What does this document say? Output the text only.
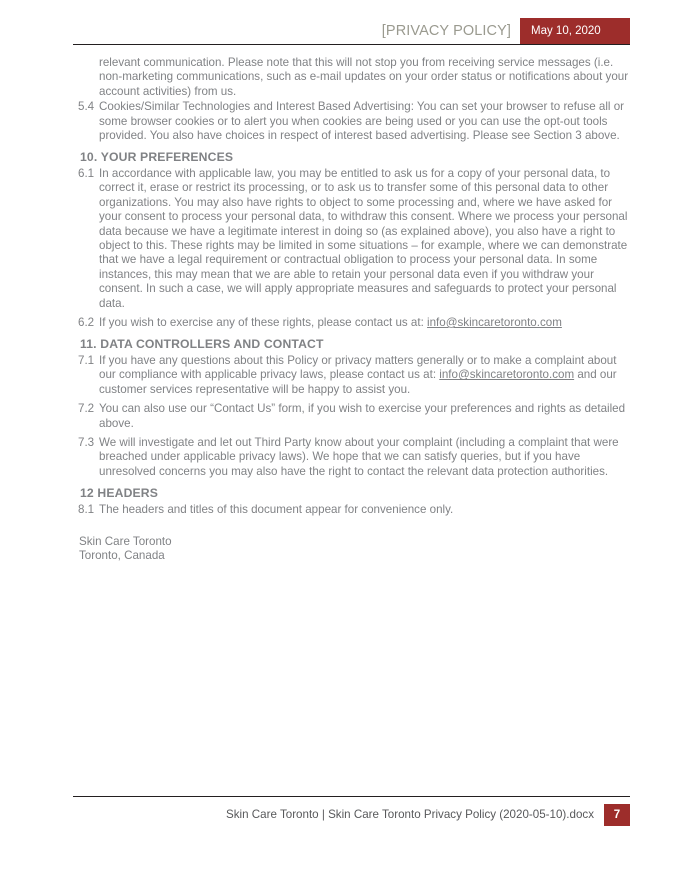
[PRIVACY POLICY]	May 10, 2020

relevant communication. Please note that this will not stop you from receiving service messages (i.e. non-marketing communications, such as e-mail updates on your order status or notifications about your account activities) from us.

5.4 Cookies/Similar Technologies and Interest Based Advertising: You can set your browser to refuse all or some browser cookies or to alert you when cookies are being used or you can use the opt-out tools provided. You also have choices in respect of interest based advertising. Please see Section 3 above.

10. YOUR PREFERENCES

6.1 In accordance with applicable law, you may be entitled to ask us for a copy of your personal data, to correct it, erase or restrict its processing, or to ask us to transfer some of this personal data to other organizations. You may also have rights to object to some processing and, where we have asked for your consent to process your personal data, to withdraw this consent. Where we process your personal data because we have a legitimate interest in doing so (as explained above), you also have a right to object to this. These rights may be limited in some situations – for example, where we can demonstrate that we have a legal requirement or contractual obligation to process your personal data. In some instances, this may mean that we are able to retain your personal data even if you withdraw your consent. In such a case, we will apply appropriate measures and safeguards to protect your personal data.

6.2 If you wish to exercise any of these rights, please contact us at: info@skincaretoronto.com

11. DATA CONTROLLERS AND CONTACT

7.1 If you have any questions about this Policy or privacy matters generally or to make a complaint about our compliance with applicable privacy laws, please contact us at: info@skincaretoronto.com and our customer services representative will be happy to assist you.

7.2 You can also use our “Contact Us” form, if you wish to exercise your preferences and rights as detailed above.

7.3 We will investigate and let out Third Party know about your complaint (including a complaint that were breached under applicable privacy laws). We hope that we can satisfy queries, but if you have unresolved concerns you may also have the right to contact the relevant data protection authorities.

12 HEADERS

8.1 The headers and titles of this document appear for convenience only.

Skin Care Toronto
Toronto, Canada
Skin Care Toronto | Skin Care Toronto Privacy Policy (2020-05-10).docx	7
